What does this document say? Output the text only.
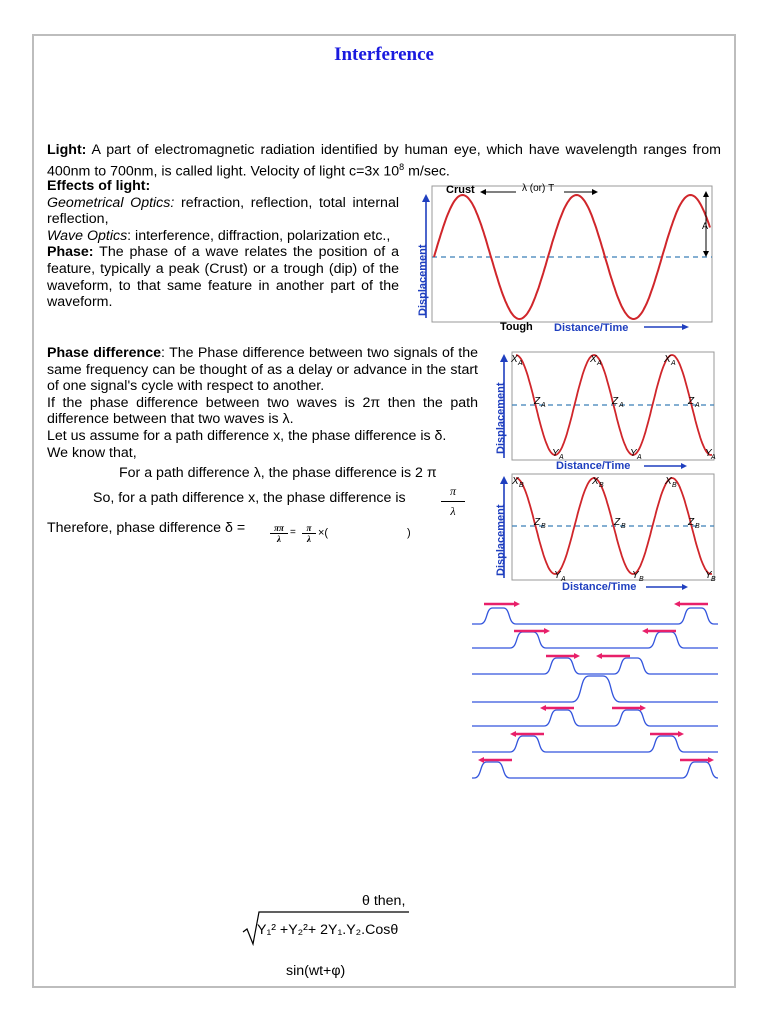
Interference
Light: A part of electromagnetic radiation identified by human eye, which have wavelength ranges from 400nm to 700nm, is called light. Velocity of light c=3x $10^8$ m/sec.
Effects of light:
Geometrical Optics: refraction, reflection, total internal reflection,
Wave Optics: interference, diffraction, polarization etc.,
Phase: The phase of a wave relates the position of a feature, typically a peak (Crust) or a trough (dip) of the waveform, to that same feature in another part of the waveform.
Phase difference: The Phase difference between two signals of the same frequency can be thought of as a delay or advance in the start of one signal's cycle with respect to another.
If the phase difference between two waves is 2π then the path difference between that two waves is λ.
Let us assume for a path difference x, the phase difference is δ.
We know that,
For a path difference λ, the phase difference is 2 π
So, for a path difference x, the phase difference is	π
λ
Therefore, phase difference δ =	ππ
λ
=	π
λ ×(	)
θ then,
Y₁² +Y₂²+ 2Y₁.Y₂.Cosθ
sin(wt+φ)
Crust	λ (or) T
A
Displacement
Tough Distance/Time
Displacement
Distance/Time
X A	X A	X A
Z A	Z A	Z A
Y A	Y A	Y A
Displacement
Distance/Time
X B	X B	X B
Z B	Z B	Z B
Y A	Y B	Y B
